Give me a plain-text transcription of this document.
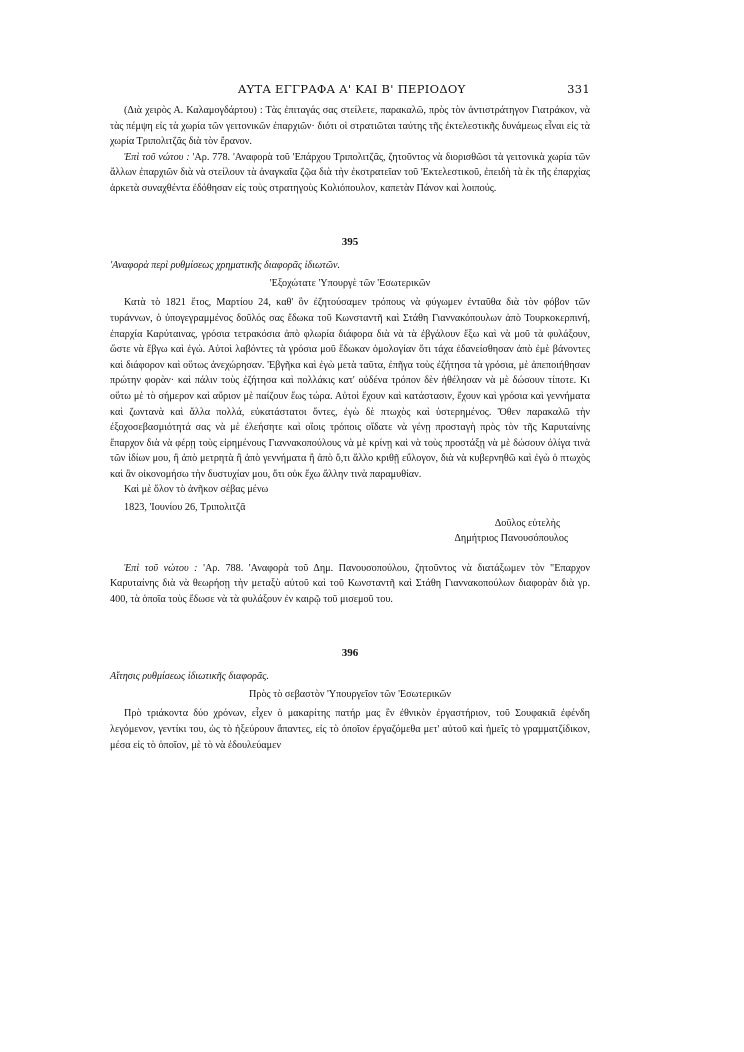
ΑΥΤΑ ΕΓΓΡΑΦΑ Α' ΚΑΙ Β' ΠΕΡΙΟΔΟΥ	331

(Διὰ χειρὸς Α. Καλαμογδάρτου) : Τὰς ἐπιταγάς σας στείλετε, παρακαλῶ, πρὸς τὸν ἀντιστράτηγον Γιατράκον, νὰ τὰς πέμψη εἰς τὰ χωρία τῶν γειτονικῶν ἐπαρχιῶν· διότι οἱ στρατιῶται ταύτης τῆς ἐκτελεστικῆς δυνάμεως εἶναι εἰς τὰ χωρία Τριπολιτζᾶς διὰ τὸν ἔρανον.

Ἐπὶ τοῦ νώτου : 'Αρ. 778. 'Αναφορὰ τοῦ 'Επάρχου Τριπολιτζᾶς, ζητοῦντος νὰ διορισθῶσι τὰ γειτονικὰ χωρία τῶν ἄλλων ἐπαρχιῶν διὰ νὰ στείλουν τὰ ἀναγκαῖα ζῷα διὰ τὴν ἐκστρατεῖαν τοῦ 'Εκτελεστικοῦ, ἐπειδὴ τὰ ἐκ τῆς ἐπαρχίας ἀρκετὰ συναχθέντα ἐδόθησαν εἰς τοὺς στρατηγοὺς Κολιόπουλον, καπετὰν Πάνον καὶ λοιπούς.

395

'Αναφορὰ περὶ ρυθμίσεως χρηματικῆς διαφορᾶς ἰδιωτῶν.

'Εξοχώτατε 'Υπουργὲ τῶν 'Εσωτερικῶν

Κατὰ τὸ 1821 ἔτος, Μαρτίου 24, καθ' ὃν ἐζητούσαμεν τρόπους νὰ φύγωμεν ἐνταῦθα διὰ τὸν φόβον τῶν τυράννων, ὁ ὑπογεγραμμένος δοῦλός σας ἔδωκα τοῦ Κωνσταντῆ καὶ Στάθη Γιαννακόπουλων ἀπὸ Τουρκοκερπινή, ἐπαρχία Καρύταινας, γρόσια τετρακόσια ἀπὸ φλωρία διάφορα διὰ νὰ τὰ ἐβγάλουν ἔξω καὶ νὰ μοῦ τὰ φυλάξουν, ὥστε νὰ ἔβγω καὶ ἐγώ. Αὐτοὶ λαβόντες τὰ γρόσια μοῦ ἔδωκαν ὁμολογίαν ὅτι τάχα ἐδανείσθησαν ἀπὸ ἐμὲ βάνοντες καὶ διάφορον καὶ οὕτως ἀνεχώρησαν. 'Εβγῆκα καὶ ἐγὼ μετὰ ταῦτα, ἐπῆγα τοὺς ἐζήτησα τὰ γρόσια, μὲ ἀπεποιήθησαν πρώτην φορὰν· καὶ πάλιν τοὺς ἐζήτησα καὶ πολλάκις κατ' οὐδένα τρόπον δὲν ἠθέλησαν νὰ μὲ δώσουν τίποτε. Κι οὕτω μὲ τὸ σήμερον καὶ αὔριον μὲ παίζουν ἕως τώρα. Αὐτοὶ ἔχουν καὶ κατάστασιν, ἔχουν καὶ γρόσια καὶ γεννήματα καὶ ζωντανὰ καὶ ἄλλα πολλά, εὐκατάστατοι ὄντες, ἐγὼ δὲ πτωχὸς καὶ ὑστερημένος. Ὅθεν παρακαλῶ τὴν ἐξοχοσεβασμιότητά σας νὰ μὲ ἐλεήσητε καὶ οἵοις τρόποις οἴδατε νὰ γένῃ προσταγὴ πρὸς τὸν τῆς Καρυταίνης ἔπαρχον διὰ νὰ φέρῃ τοὺς εἰρημένους Γιαννακοπούλους νὰ μὲ κρίνῃ καὶ νὰ τοὺς προστάξῃ νὰ μὲ δώσουν ὀλίγα τινὰ τῶν ἰδίων μου, ἢ ἀπὸ μετρητὰ ἢ ἀπὸ γεννήματα ἢ ἀπὸ ὅ,τι ἄλλο κριθῇ εὔλογον, διὰ νὰ κυβερνηθῶ καὶ ἐγὼ ὁ πτωχὸς καὶ ἂν οἰκονομήσω τὴν δυστυχίαν μου, ὅτι οὐκ ἔχω ἄλλην τινὰ παραμυθίαν.

Καὶ μὲ ὅλον τὸ ἀνῆκον σέβας μένω

1823, 'Ιουνίου 26, Τριπολιτζᾶ

Δοῦλος εὐτελὴς
Δημήτριος Πανουσόπουλος

Ἐπὶ τοῦ νώτου : 'Αρ. 788. 'Αναφορὰ τοῦ Δημ. Πανουσοπούλου, ζητοῦντος νὰ διατάξωμεν τὸν "Επαρχον Καρυταίνης διὰ νὰ θεωρήσῃ τὴν μεταξὺ αὐτοῦ καὶ τοῦ Κωνσταντῆ καὶ Στάθη Γιαννακοπούλων διαφορὰν διὰ γρ. 400, τὰ ὁποῖα τοὺς ἔδωσε νὰ τὰ φυλάξουν ἐν καιρῷ τοῦ μισεμοῦ του.

396

Αἴτησις ρυθμίσεως ἰδιωτικῆς διαφορᾶς.

Πρὸς τὸ σεβαστὸν 'Υπουργεῖον τῶν 'Εσωτερικῶν

Πρὸ τριάκοντα δύο χρόνων, εἶχεν ὁ μακαρίτης πατήρ μας ἓν ἐθνικὸν ἐργαστήριον, τοῦ Σουφακιᾶ ἐφένδη λεγόμενον, γεντίκι του, ὡς τὸ ἠξεύρουν ἅπαντες, εἰς τὸ ὁποῖον ἐργαζόμεθα μετ' αὐτοῦ καὶ ἡμεῖς τὸ γραμματζίδικον, μέσα εἰς τὸ ὁποῖον, μὲ τὸ νὰ ἐδουλεύαμεν
